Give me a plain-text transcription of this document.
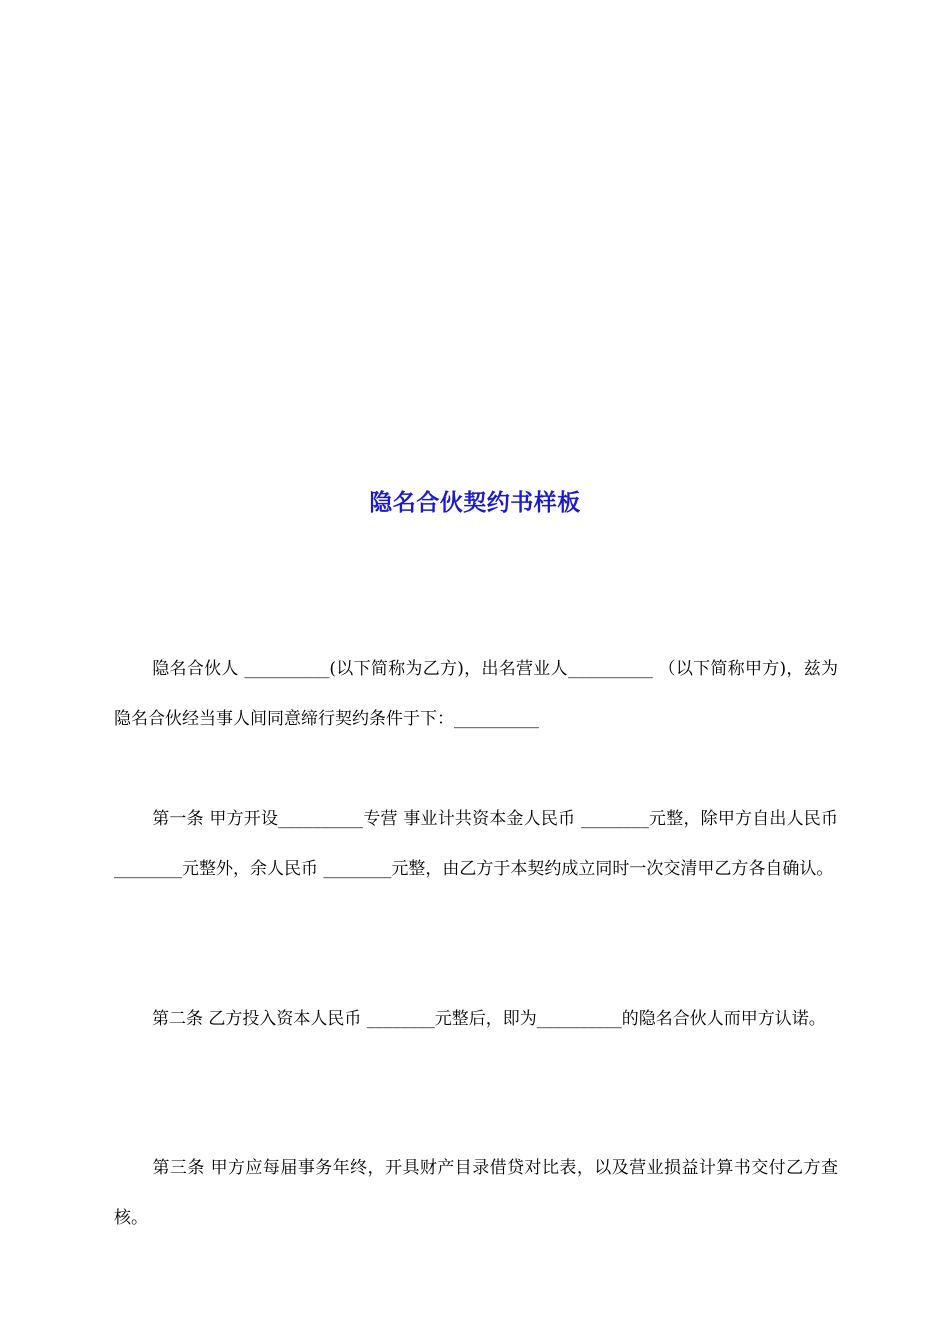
隐名合伙契约书样板

隐名合伙人 __________(以下简称为乙方)，出名营业人__________ （以下简称甲方)，兹为隐名合伙经当事人间同意缔行契约条件于下：__________

第一条 甲方开设__________专营 事业计共资本金人民币 ________元整，除甲方自出人民币 ________元整外，余人民币 ________元整，由乙方于本契约成立同时一次交清甲乙方各自确认。

第二条 乙方投入资本人民币 ________元整后，即为__________的隐名合伙人而甲方认诺。

第三条 甲方应每届事务年终，开具财产目录借贷对比表，以及营业损益计算书交付乙方查核。
